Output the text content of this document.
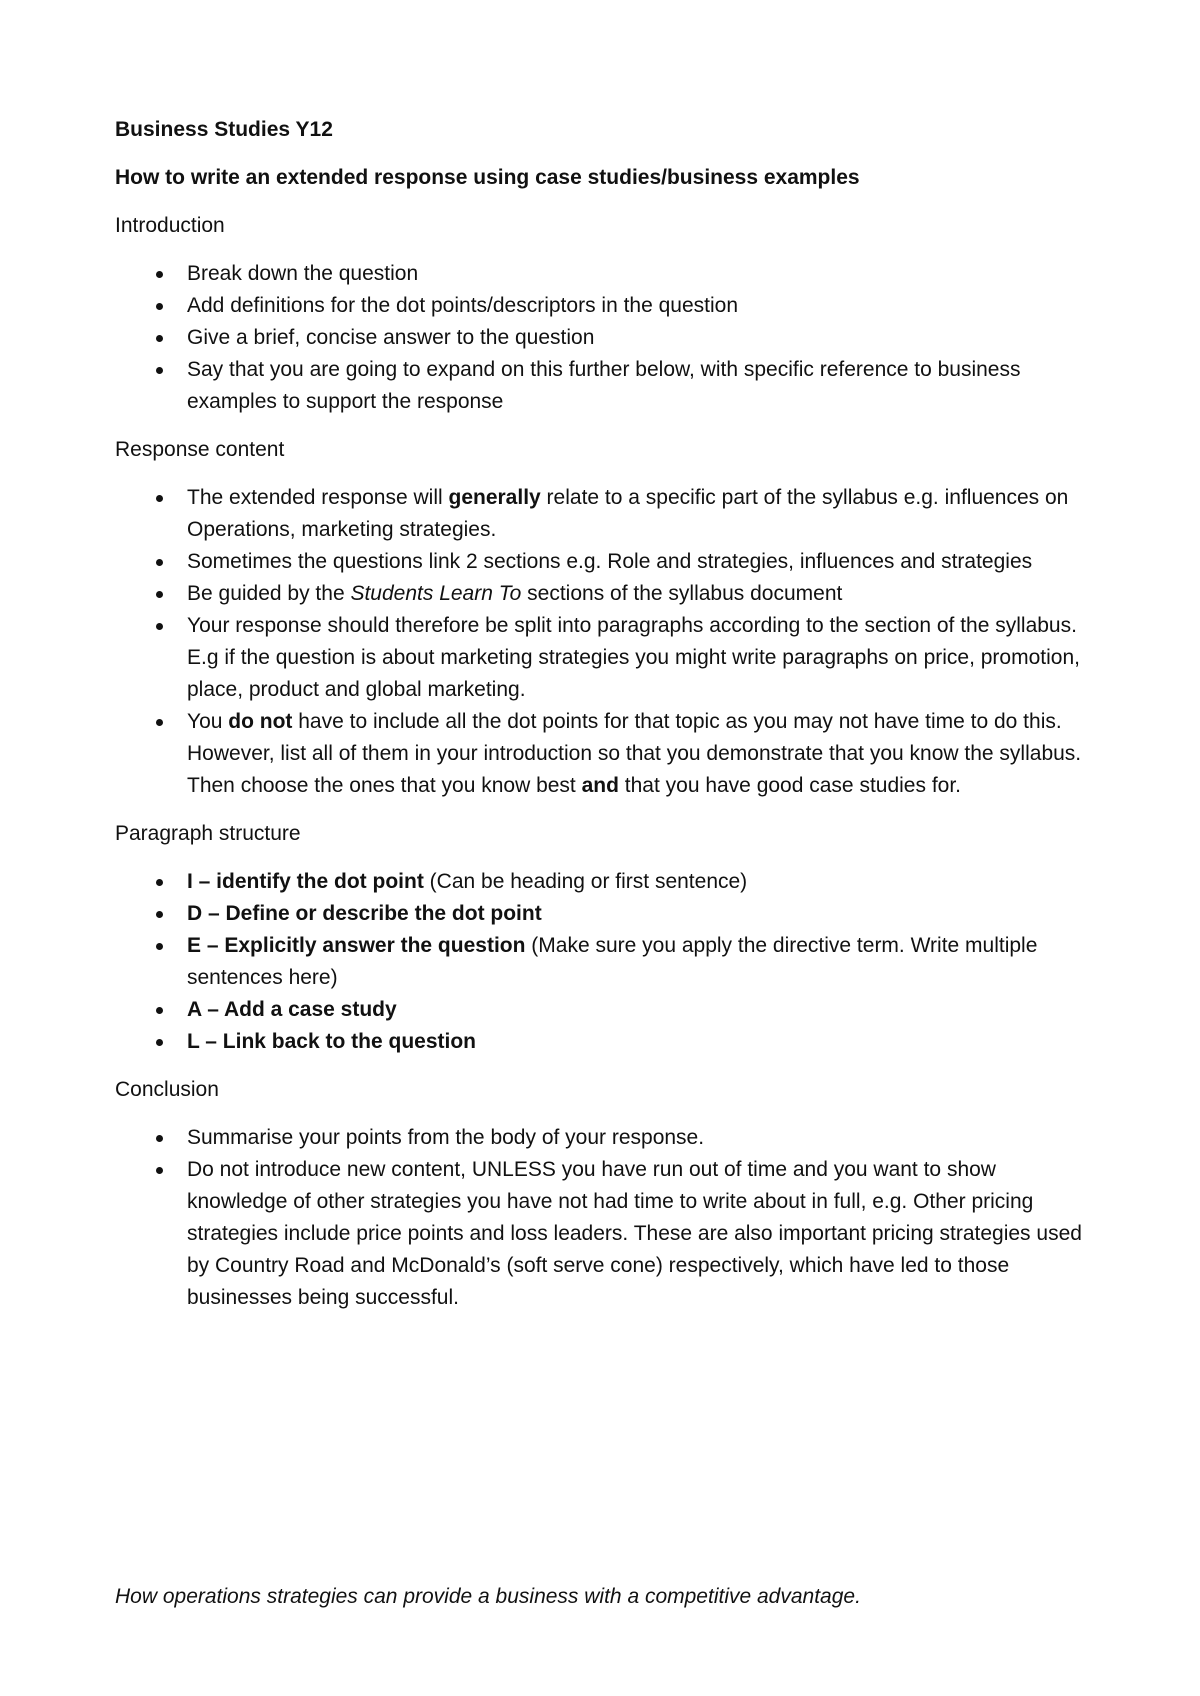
Business Studies Y12

How to write an extended response using case studies/business examples

Introduction

Break down the question
Add definitions for the dot points/descriptors in the question
Give a brief, concise answer to the question
Say that you are going to expand on this further below, with specific reference to business examples to support the response

Response content

The extended response will generally relate to a specific part of the syllabus e.g. influences on Operations, marketing strategies.
Sometimes the questions link 2 sections e.g. Role and strategies, influences and strategies
Be guided by the Students Learn To sections of the syllabus document
Your response should therefore be split into paragraphs according to the section of the syllabus. E.g if the question is about marketing strategies you might write paragraphs on price, promotion, place, product and global marketing.
You do not have to include all the dot points for that topic as you may not have time to do this. However, list all of them in your introduction so that you demonstrate that you know the syllabus. Then choose the ones that you know best and that you have good case studies for.

Paragraph structure

I – identify the dot point (Can be heading or first sentence)
D – Define or describe the dot point
E – Explicitly answer the question (Make sure you apply the directive term. Write multiple sentences here)
A – Add a case study
L – Link back to the question

Conclusion

Summarise your points from the body of your response.
Do not introduce new content, UNLESS you have run out of time and you want to show knowledge of other strategies you have not had time to write about in full, e.g. Other pricing strategies include price points and loss leaders. These are also important pricing strategies used by Country Road and McDonald’s (soft serve cone) respectively, which have led to those businesses being successful.

How operations strategies can provide a business with a competitive advantage.
